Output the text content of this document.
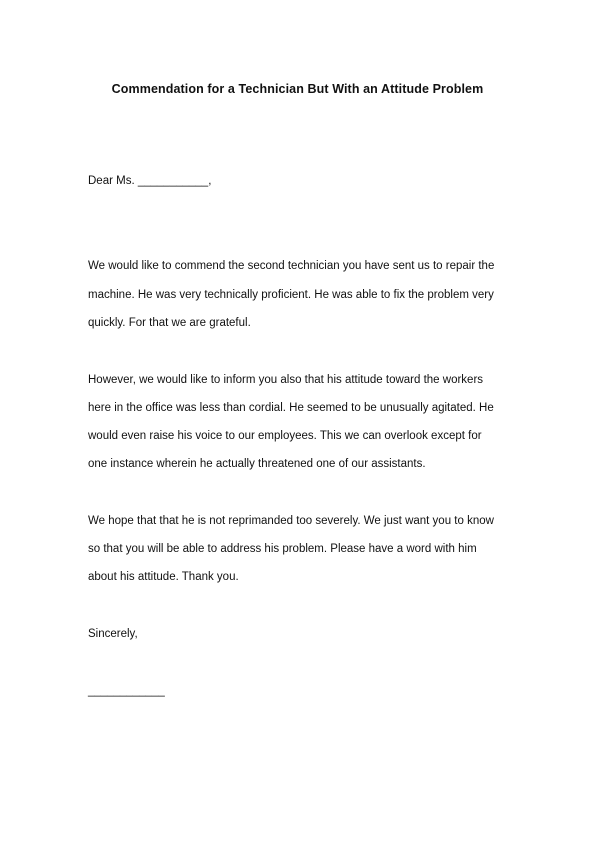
Commendation for a Technician But With an Attitude Problem
Dear Ms. ___________,
We would like to commend the second technician you have sent us to repair the
machine. He was very technically proficient. He was able to fix the problem very
quickly. For that we are grateful.
However, we would like to inform you also that his attitude toward the workers
here in the office was less than cordial. He seemed to be unusually agitated. He
would even raise his voice to our employees. This we can overlook except for
one instance wherein he actually threatened one of our assistants.
We hope that that he is not reprimanded too severely. We just want you to know
so that you will be able to address his problem. Please have a word with him
about his attitude. Thank you.
Sincerely,
____________
